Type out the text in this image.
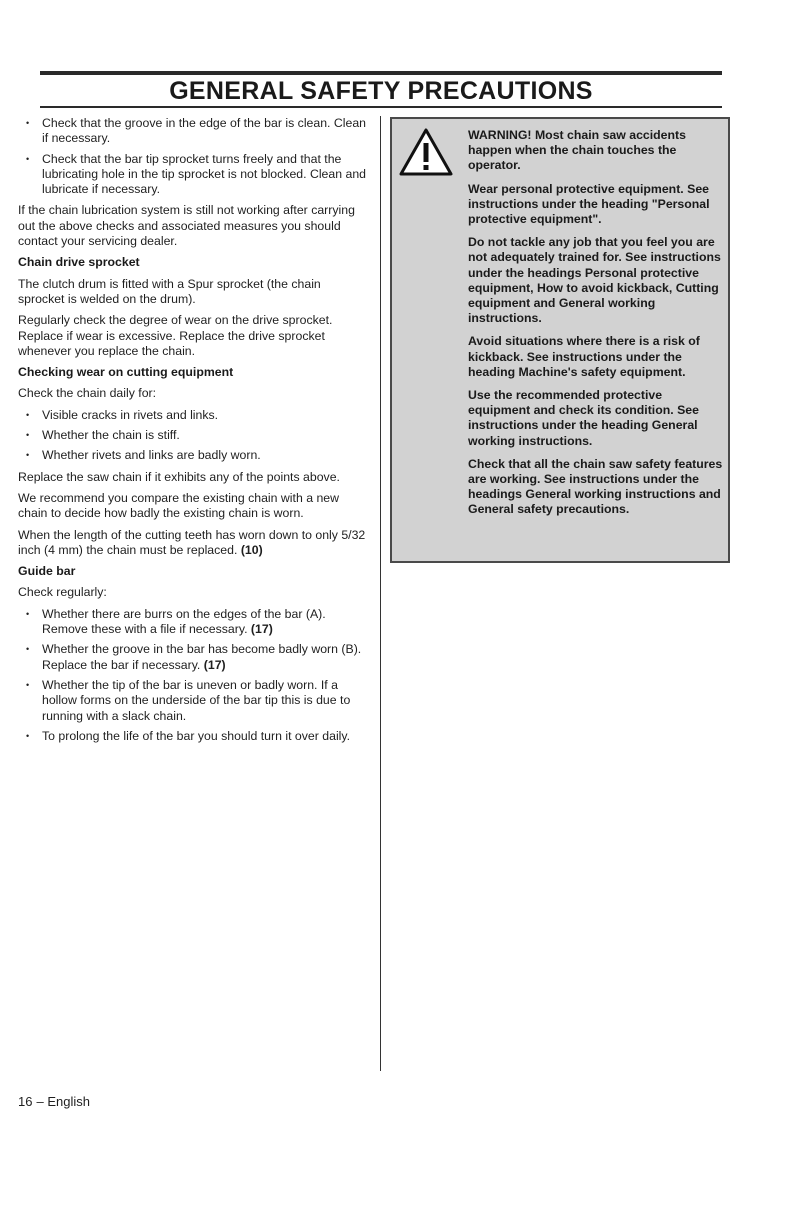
GENERAL SAFETY PRECAUTIONS
• Check that the groove in the edge of the bar is clean. Clean if necessary.
• Check that the bar tip sprocket turns freely and that the lubricating hole in the tip sprocket is not blocked. Clean and lubricate if necessary.

If the chain lubrication system is still not working after carrying out the above checks and associated measures you should contact your servicing dealer.

Chain drive sprocket

The clutch drum is fitted with a Spur sprocket (the chain sprocket is welded on the drum).

Regularly check the degree of wear on the drive sprocket. Replace if wear is excessive. Replace the drive sprocket whenever you replace the chain.

Checking wear on cutting equipment

Check the chain daily for:

• Visible cracks in rivets and links.
• Whether the chain is stiff.
• Whether rivets and links are badly worn.

Replace the saw chain if it exhibits any of the points above.

We recommend you compare the existing chain with a new chain to decide how badly the existing chain is worn.

When the length of the cutting teeth has worn down to only 5/32 inch (4 mm) the chain must be replaced. (10)

Guide bar

Check regularly:

• Whether there are burrs on the edges of the bar (A). Remove these with a file if necessary. (17)
• Whether the groove in the bar has become badly worn (B). Replace the bar if necessary. (17)
• Whether the tip of the bar is uneven or badly worn. If a hollow forms on the underside of the bar tip this is due to running with a slack chain.
• To prolong the life of the bar you should turn it over daily.

WARNING! Most chain saw accidents happen when the chain touches the operator.

Wear personal protective equipment. See instructions under the heading "Personal protective equipment".

Do not tackle any job that you feel you are not adequately trained for. See instructions under the headings Personal protective equipment, How to avoid kickback, Cutting equipment and General working instructions.

Avoid situations where there is a risk of kickback. See instructions under the heading Machine's safety equipment.

Use the recommended protective equipment and check its condition. See instructions under the heading General working instructions.

Check that all the chain saw safety features are working. See instructions under the headings General working instructions and General safety precautions.

16 – English
